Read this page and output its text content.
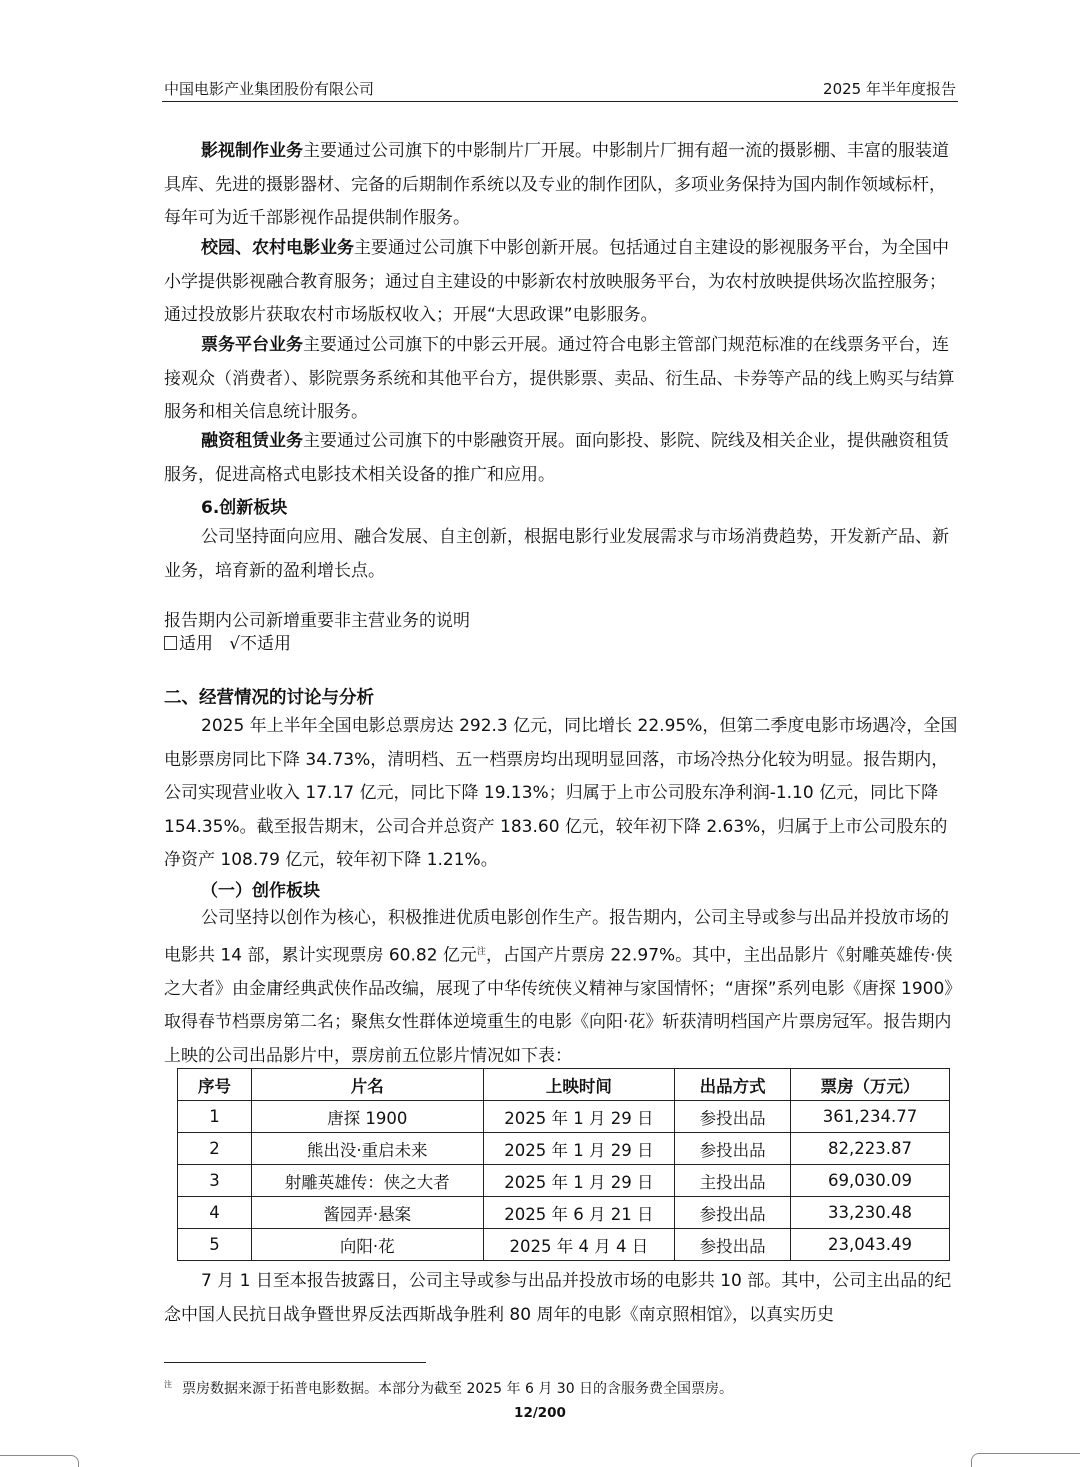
中国电影产业集团股份有限公司	2025 年半年度报告

影视制作业务主要通过公司旗下的中影制片厂开展。中影制片厂拥有超一流的摄影棚、丰富的服装道具库、先进的摄影器材、完备的后期制作系统以及专业的制作团队，多项业务保持为国内制作领域标杆，每年可为近千部影视作品提供制作服务。

校园、农村电影业务主要通过公司旗下中影创新开展。包括通过自主建设的影视服务平台，为全国中小学提供影视融合教育服务；通过自主建设的中影新农村放映服务平台，为农村放映提供场次监控服务；通过投放影片获取农村市场版权收入；开展“大思政课”电影服务。

票务平台业务主要通过公司旗下的中影云开展。通过符合电影主管部门规范标准的在线票务平台，连接观众（消费者）、影院票务系统和其他平台方，提供影票、卖品、衍生品、卡券等产品的线上购买与结算服务和相关信息统计服务。

融资租赁业务主要通过公司旗下的中影融资开展。面向影投、影院、院线及相关企业，提供融资租赁服务，促进高格式电影技术相关设备的推广和应用。

6.创新板块

公司坚持面向应用、融合发展、自主创新，根据电影行业发展需求与市场消费趋势，开发新产品、新业务，培育新的盈利增长点。

报告期内公司新增重要非主营业务的说明
适用 √不适用
二、经营情况的讨论与分析

2025 年上半年全国电影总票房达 292.3 亿元，同比增长 22.95%，但第二季度电影市场遇冷，全国电影票房同比下降 34.73%，清明档、五一档票房均出现明显回落，市场冷热分化较为明显。报告期内，公司实现营业收入 17.17 亿元，同比下降 19.13%；归属于上市公司股东净利润-1.10 亿元，同比下降 154.35%。截至报告期末，公司合并总资产 183.60 亿元，较年初下降 2.63%，归属于上市公司股东的净资产 108.79 亿元，较年初下降 1.21%。

（一）创作板块

公司坚持以创作为核心，积极推进优质电影创作生产。报告期内，公司主导或参与出品并投放市场的电影共 14 部，累计实现票房 60.82 亿元$^注$，占国产片票房 22.97%。其中，主出品影片《射雕英雄传·侠之大者》由金庸经典武侠作品改编，展现了中华传统侠义精神与家国情怀；“唐探”系列电影《唐探 1900》取得春节档票房第二名；聚焦女性群体逆境重生的电影《向阳·花》斩获清明档国产片票房冠军。报告期内上映的公司出品影片中，票房前五位影片情况如下表：

序号	片名	上映时间	出品方式	票房（万元）
1	唐探 1900	2025 年 1 月 29 日	参投出品	361,234.77
2	熊出没·重启未来	2025 年 1 月 29 日	参投出品	82,223.87
3	射雕英雄传：侠之大者	2025 年 1 月 29 日	主投出品	69,030.09
4	酱园弄·悬案	2025 年 6 月 21 日	参投出品	33,230.48
5	向阳·花	2025 年 4 月 4 日	参投出品	23,043.49

7 月 1 日至本报告披露日，公司主导或参与出品并投放市场的电影共 10 部。其中，公司主出品的纪念中国人民抗日战争暨世界反法西斯战争胜利 80 周年的电影《南京照相馆》，以真实历史

$^注$ 票房数据来源于拓普电影数据。本部分为截至 2025 年 6 月 30 日的含服务费全国票房。
12/200
